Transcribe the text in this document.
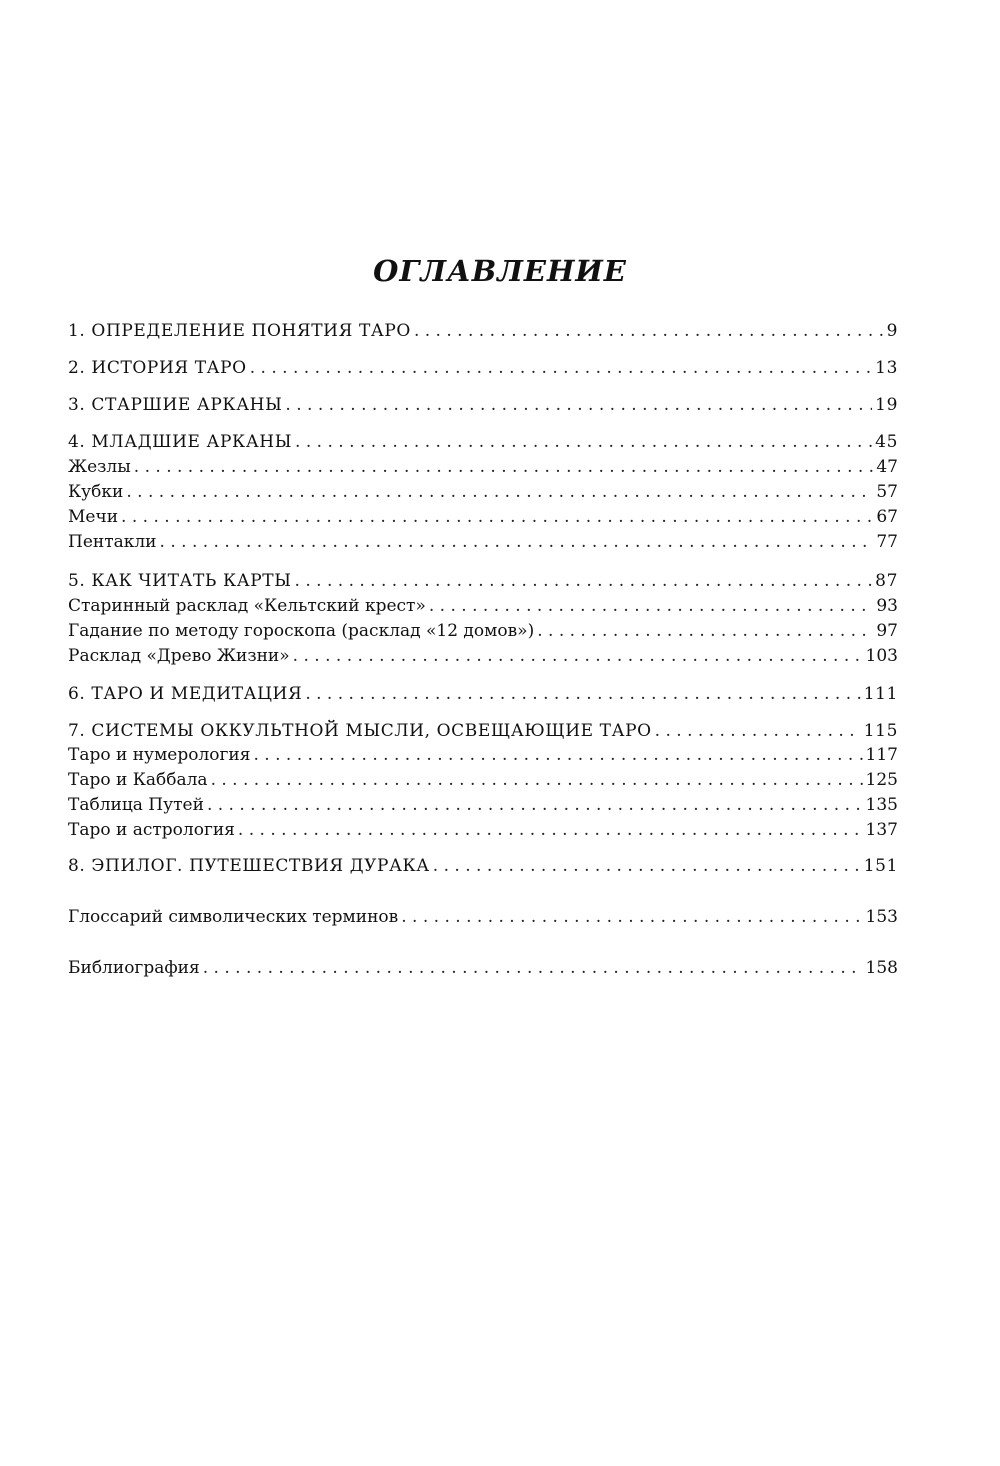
ОГЛАВЛЕНИЕ
1. ОПРЕДЕЛЕНИЕ ПОНЯТИЯ ТАРО . . .	9
2. ИСТОРИЯ ТАРО . . .	13
3. СТАРШИЕ АРКАНЫ . . .	19
4. МЛАДШИЕ АРКАНЫ . . .	45
Жезлы . . .	47
Кубки . . .	57
Мечи . . .	67
Пентакли . . .	77
5. КАК ЧИТАТЬ КАРТЫ . . .	87
Старинный расклад «Кельтский крест» . . .	93
Гадание по методу гороскопа (расклад «12 домов») . . .	97
Расклад «Древо Жизни» . . .	103
6. ТАРО И МЕДИТАЦИЯ . . .	111
7. СИСТЕМЫ ОККУЛЬТНОЙ МЫСЛИ, ОСВЕЩАЮЩИЕ ТАРО . . .	115
Таро и нумерология . . .	117
Таро и Каббала . . .	125
Таблица Путей . . .	135
Таро и астрология . . .	137
8. ЭПИЛОГ. ПУТЕШЕСТВИЯ ДУРАКА . . .	151
Глоссарий символических терминов . . .	153
Библиография . . .	158
